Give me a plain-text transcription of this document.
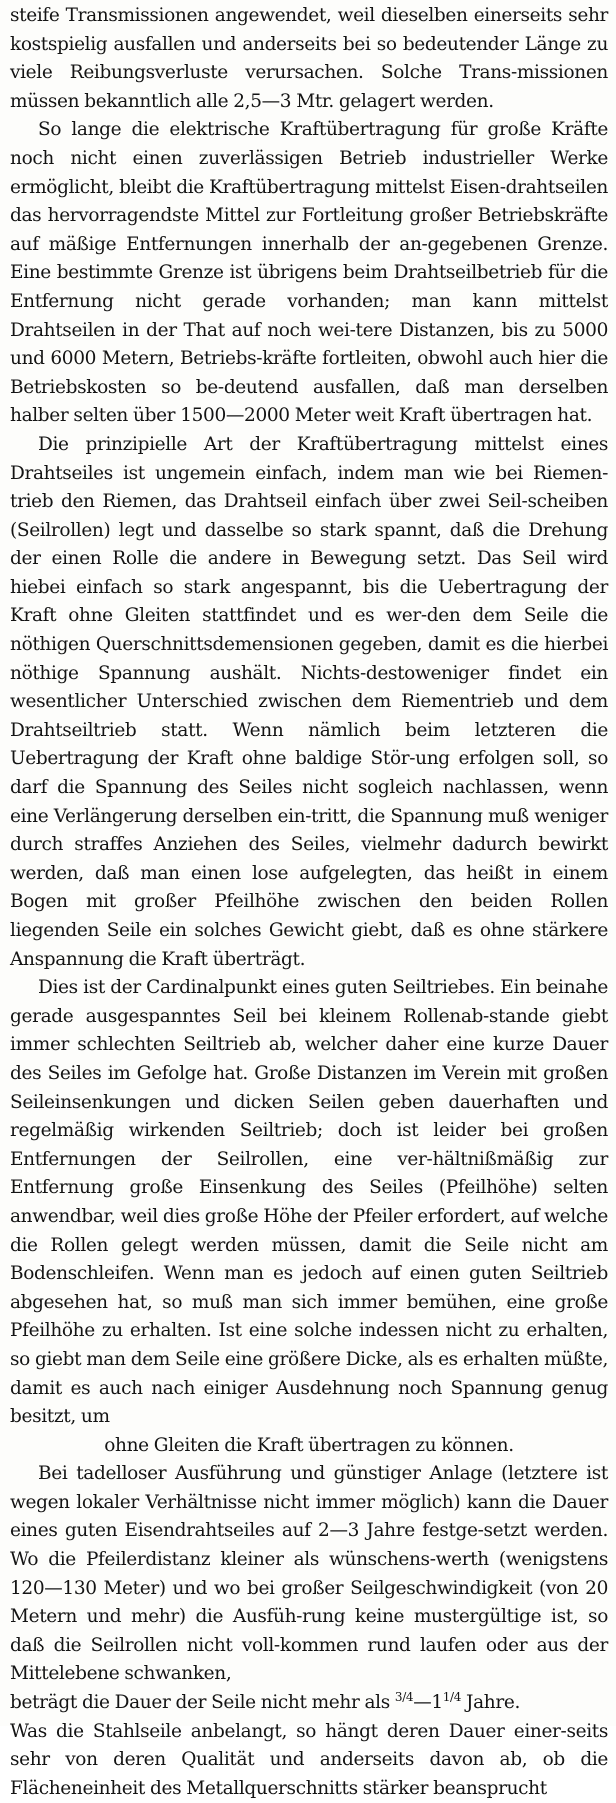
steife Transmissionen angewendet, weil dieselben einerseits sehr kostspielig ausfallen und anderseits bei so bedeutender Länge zu viele Reibungsverluste verursachen. Solche Trans-missionen müssen bekanntlich alle 2,5—3 Mtr. gelagert werden.

So lange die elektrische Kraftübertragung für große Kräfte noch nicht einen zuverlässigen Betrieb industrieller Werke ermöglicht, bleibt die Kraftübertragung mittelst Eisen-drahtseilen das hervorragendste Mittel zur Fortleitung großer Betriebskräfte auf mäßige Entfernungen innerhalb der an-gegebenen Grenze. Eine bestimmte Grenze ist übrigens beim Drahtseilbetrieb für die Entfernung nicht gerade vorhanden; man kann mittelst Drahtseilen in der That auf noch wei-tere Distanzen, bis zu 5000 und 6000 Metern, Betriebs-kräfte fortleiten, obwohl auch hier die Betriebskosten so be-deutend ausfallen, daß man derselben halber selten über 1500—2000 Meter weit Kraft übertragen hat.

Die prinzipielle Art der Kraftübertragung mittelst eines Drahtseiles ist ungemein einfach, indem man wie bei Riemen-trieb den Riemen, das Drahtseil einfach über zwei Seil-scheiben (Seilrollen) legt und dasselbe so stark spannt, daß die Drehung der einen Rolle die andere in Bewegung setzt. Das Seil wird hiebei einfach so stark angespannt, bis die Uebertragung der Kraft ohne Gleiten stattfindet und es wer-den dem Seile die nöthigen Querschnittsdemensionen gegeben, damit es die hierbei nöthige Spannung aushält. Nichts-destoweniger findet ein wesentlicher Unterschied zwischen dem Riementrieb und dem Drahtseiltrieb statt. Wenn nämlich beim letzteren die Uebertragung der Kraft ohne baldige Stör-ung erfolgen soll, so darf die Spannung des Seiles nicht sogleich nachlassen, wenn eine Verlängerung derselben ein-tritt, die Spannung muß weniger durch straffes Anziehen des Seiles, vielmehr dadurch bewirkt werden, daß man einen lose aufgelegten, das heißt in einem Bogen mit großer Pfeilhöhe zwischen den beiden Rollen liegenden Seile ein solches Gewicht giebt, daß es ohne stärkere Anspannung die Kraft überträgt.

Dies ist der Cardinalpunkt eines guten Seiltriebes. Ein beinahe gerade ausgespanntes Seil bei kleinem Rollenab-stande giebt immer schlechten Seiltrieb ab, welcher daher eine kurze Dauer des Seiles im Gefolge hat. Große Distanzen im Verein mit großen Seileinsenkungen und dicken Seilen geben dauerhaften und regelmäßig wirkenden Seiltrieb; doch ist leider bei großen Entfernungen der Seilrollen, eine ver-hältnißmäßig zur Entfernung große Einsenkung des Seiles (Pfeilhöhe) selten anwendbar, weil dies große Höhe der Pfeiler erfordert, auf welche die Rollen gelegt werden müssen, damit die Seile nicht am Bodenschleifen. Wenn man es jedoch auf einen guten Seiltrieb abgesehen hat, so muß man sich immer bemühen, eine große Pfeilhöhe zu erhalten. Ist eine solche indessen nicht zu erhalten, so giebt man dem Seile eine größere Dicke, als es erhalten müßte, damit es auch nach einiger Ausdehnung noch Spannung genug besitzt, um

ohne Gleiten die Kraft übertragen zu können.

Bei tadelloser Ausführung und günstiger Anlage (letztere ist wegen lokaler Verhältnisse nicht immer möglich) kann die Dauer eines guten Eisendrahtseiles auf 2—3 Jahre festge-setzt werden. Wo die Pfeilerdistanz kleiner als wünschens-werth (wenigstens 120—130 Meter) und wo bei großer Seilgeschwindigkeit (von 20 Metern und mehr) die Ausfüh-rung keine mustergültige ist, so daß die Seilrollen nicht voll-kommen rund laufen oder aus der Mittelebene schwanken,

beträgt die Dauer der Seile nicht mehr als $^{3/4}—1^{1/4}$ Jahre.

Was die Stahlseile anbelangt, so hängt deren Dauer einer-seits sehr von deren Qualität und anderseits davon ab, ob die Flächeneinheit des Metallquerschnitts stärker beansprucht
